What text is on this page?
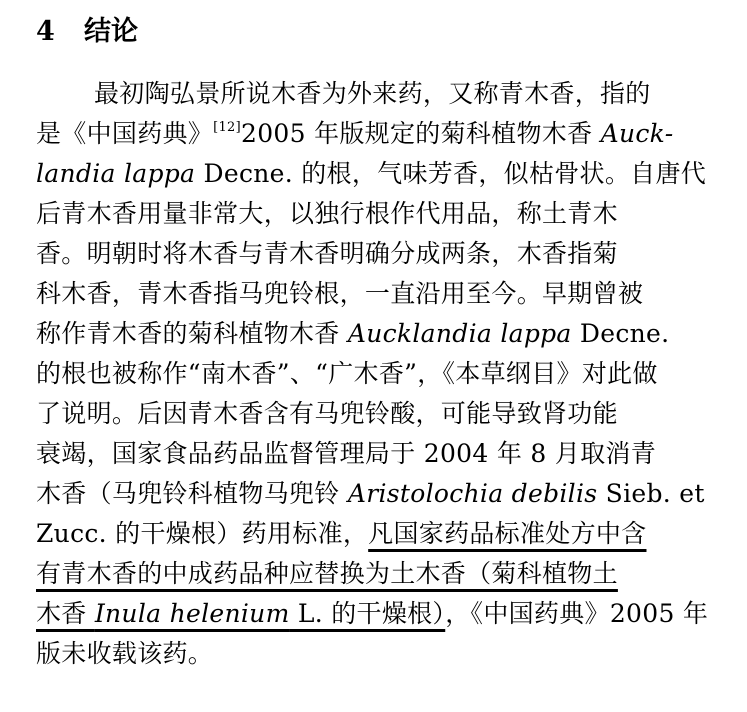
4 结论
最初陶弘景所说木香为外来药，又称青木香，指的
是《中国药典》[12]2005 年版规定的菊科植物木香 Auck-
landia lappa Decne. 的根，气味芳香，似枯骨状。自唐代
后青木香用量非常大，以独行根作代用品，称土青木
香。明朝时将木香与青木香明确分成两条，木香指菊
科木香，青木香指马兜铃根，一直沿用至今。早期曾被
称作青木香的菊科植物木香 Aucklandia lappa Decne.
的根也被称作“南木香”、“广木香”，《本草纲目》对此做
了说明。后因青木香含有马兜铃酸，可能导致肾功能
衰竭，国家食品药品监督管理局于 2004 年 8 月取消青
木香（马兜铃科植物马兜铃 Aristolochia debilis Sieb. et
Zucc. 的干燥根）药用标准，凡国家药品标准处方中含
有青木香的中成药品种应替换为土木香（菊科植物土
木香 Inula helenium L. 的干燥根），《中国药典》2005 年
版未收载该药。
